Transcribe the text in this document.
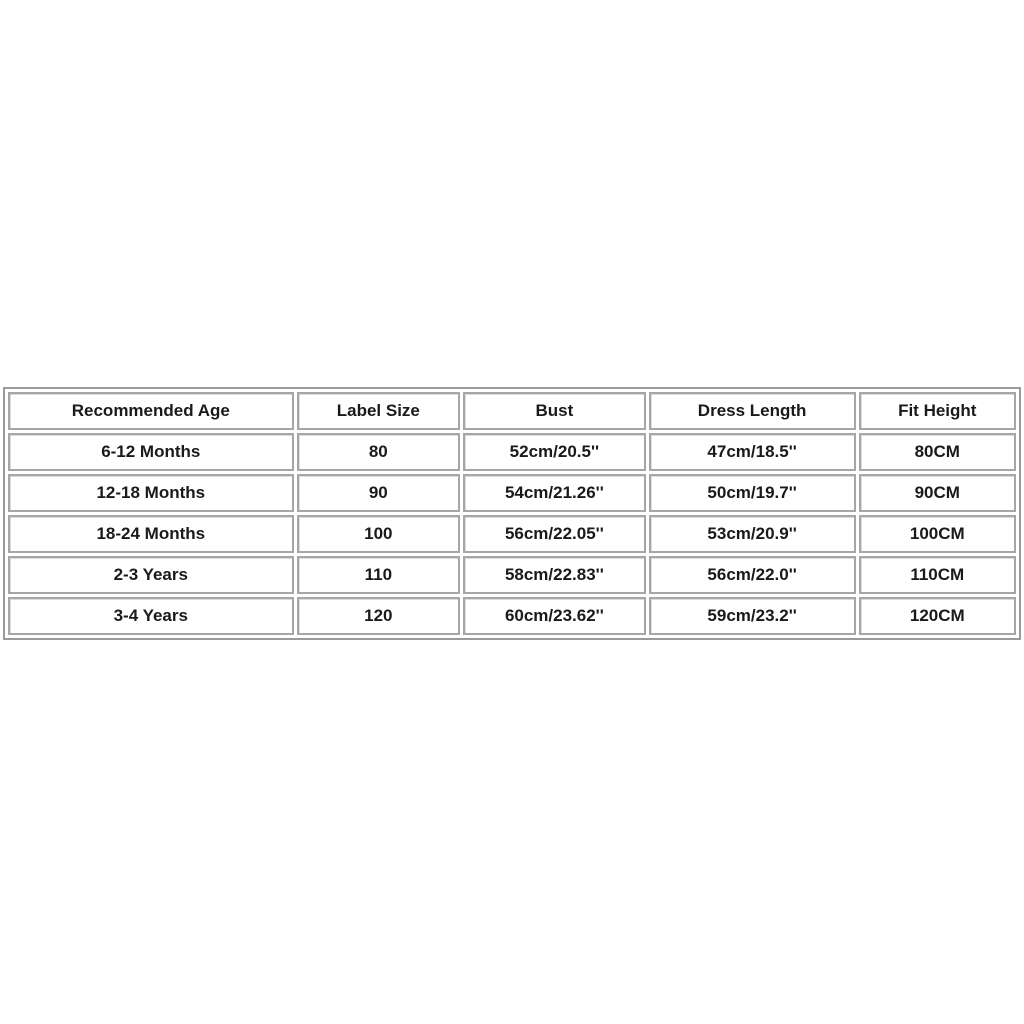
Recommended Age	Label Size	Bust	Dress Length	Fit Height
6-12 Months	80	52cm/20.5''	47cm/18.5''	80CM
12-18 Months	90	54cm/21.26''	50cm/19.7''	90CM
18-24 Months	100	56cm/22.05''	53cm/20.9''	100CM
2-3 Years	110	58cm/22.83''	56cm/22.0''	110CM
3-4 Years	120	60cm/23.62''	59cm/23.2''	120CM
